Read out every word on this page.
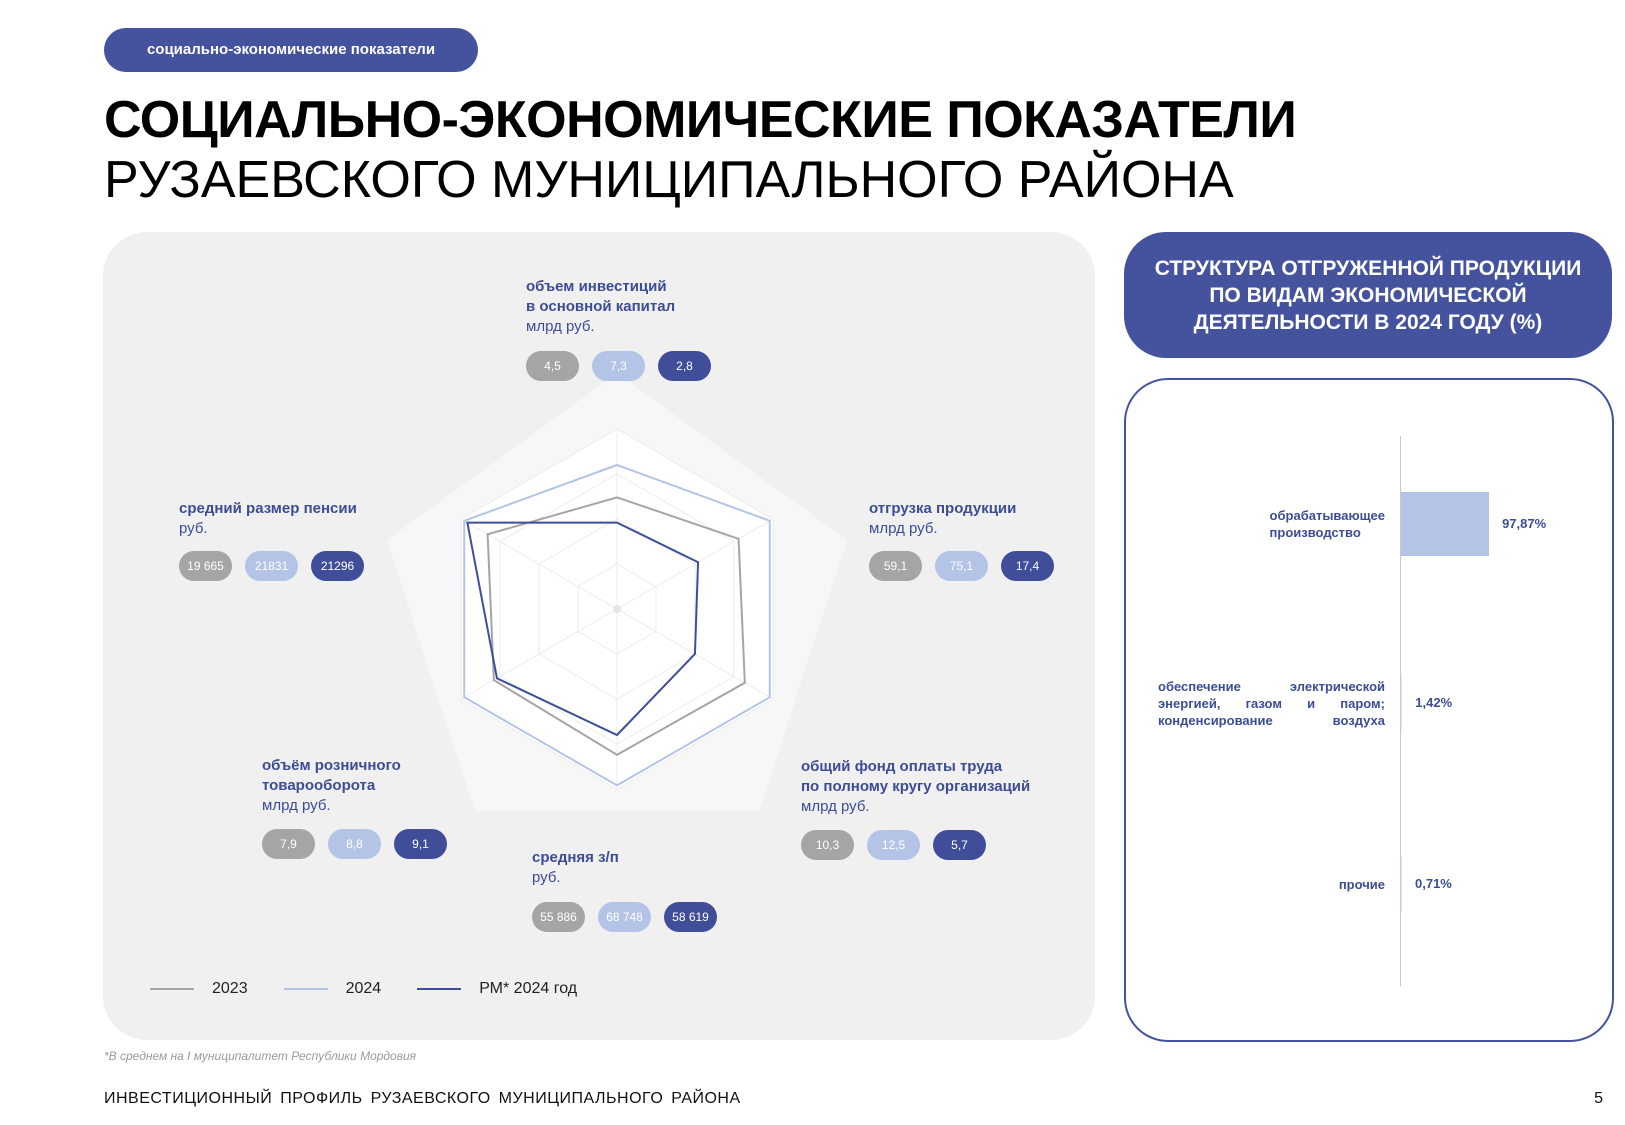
социально-экономические показатели
СОЦИАЛЬНО-ЭКОНОМИЧЕСКИЕ ПОКАЗАТЕЛИ
РУЗАЕВСКОГО МУНИЦИПАЛЬНОГО РАЙОНА
объем инвестиций
в основной капитал
млрд руб.
4,5	7,3	2,8
отгрузка продукции
млрд руб.
59,1	75,1	17,4
общий фонд оплаты труда
по полному кругу организаций
млрд руб.
10,3	12,5	5,7
средняя з/п
руб.
55 886	68 748	58 619
объём розничного
товарооборота
млрд руб.
7,9	8,8	9,1
средний размер пенсии
руб.
19 665	21831	21296
2023	2024	РМ* 2024 год
*В среднем на I муниципалитет Республики Мордовия
ИНВЕСТИЦИОННЫЙ ПРОФИЛЬ РУЗАЕВСКОГО МУНИЦИПАЛЬНОГО РАЙОНА	5
СТРУКТУРА ОТГРУЖЕННОЙ ПРОДУКЦИИ ПО ВИДАМ ЭКОНОМИЧЕСКОЙ ДЕЯТЕЛЬНОСТИ В 2024 ГОДУ (%)
обрабатывающее
производство
97,87%
обеспечение электрической
энергией, газом и паром;
конденсирование воздуха
1,42%
прочие 0,71%
